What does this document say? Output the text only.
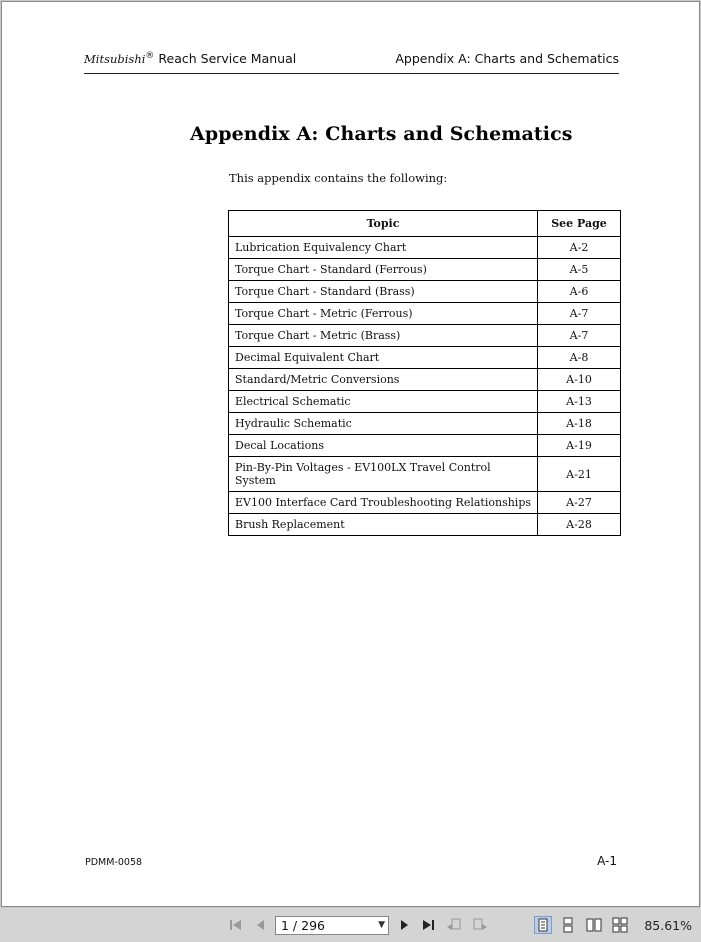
Mitsubishi® Reach Service Manual	Appendix A: Charts and Schematics
Appendix A: Charts and Schematics
This appendix contains the following:
Topic	See Page
Lubrication Equivalency Chart	A-2
Torque Chart - Standard (Ferrous)	A-5
Torque Chart - Standard (Brass)	A-6
Torque Chart - Metric (Ferrous)	A-7
Torque Chart - Metric (Brass)	A-7
Decimal Equivalent Chart	A-8
Standard/Metric Conversions	A-10
Electrical Schematic	A-13
Hydraulic Schematic	A-18
Decal Locations	A-19
Pin-By-Pin Voltages - EV100LX Travel Control System	A-21
EV100 Interface Card Troubleshooting Relationships	A-27
Brush Replacement	A-28
PDMM-0058	A-1
1 / 296	▼	85.61%
